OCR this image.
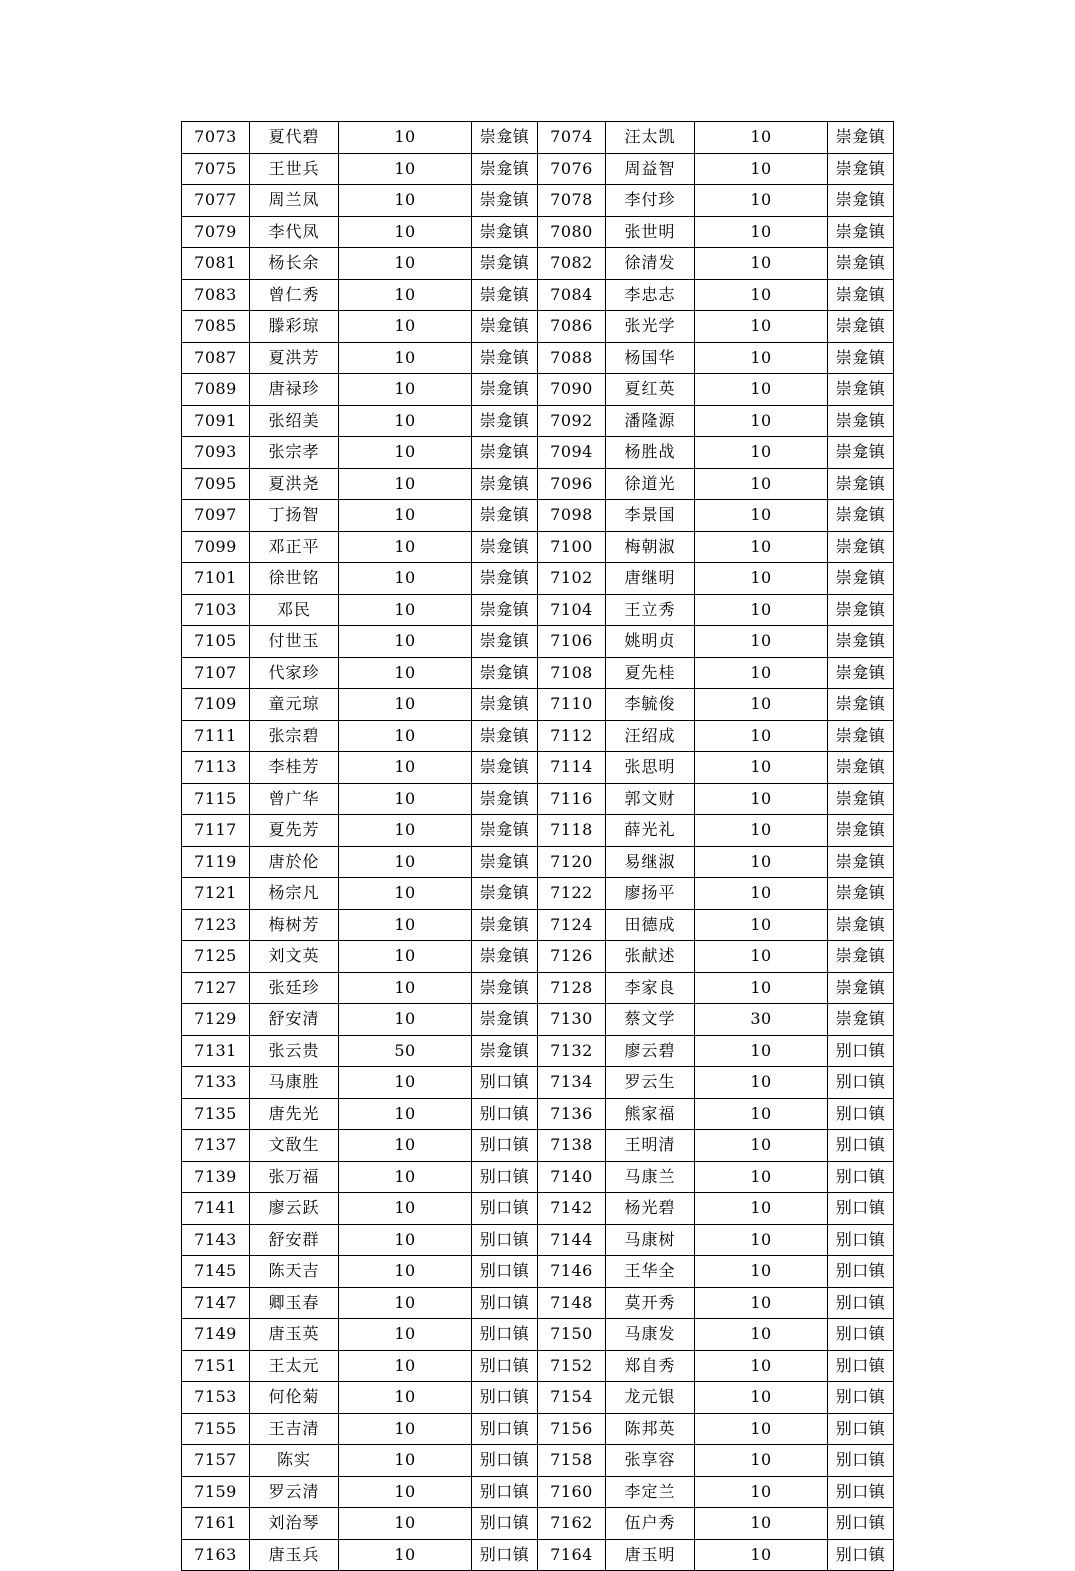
7073	夏代碧	10	崇龛镇	7074	汪太凯	10	崇龛镇
7075	王世兵	10	崇龛镇	7076	周益智	10	崇龛镇
7077	周兰凤	10	崇龛镇	7078	李付珍	10	崇龛镇
7079	李代凤	10	崇龛镇	7080	张世明	10	崇龛镇
7081	杨长余	10	崇龛镇	7082	徐清发	10	崇龛镇
7083	曾仁秀	10	崇龛镇	7084	李忠志	10	崇龛镇
7085	滕彩琼	10	崇龛镇	7086	张光学	10	崇龛镇
7087	夏洪芳	10	崇龛镇	7088	杨国华	10	崇龛镇
7089	唐禄珍	10	崇龛镇	7090	夏红英	10	崇龛镇
7091	张绍美	10	崇龛镇	7092	潘隆源	10	崇龛镇
7093	张宗孝	10	崇龛镇	7094	杨胜战	10	崇龛镇
7095	夏洪尧	10	崇龛镇	7096	徐道光	10	崇龛镇
7097	丁扬智	10	崇龛镇	7098	李景国	10	崇龛镇
7099	邓正平	10	崇龛镇	7100	梅朝淑	10	崇龛镇
7101	徐世铭	10	崇龛镇	7102	唐继明	10	崇龛镇
7103	邓民	10	崇龛镇	7104	王立秀	10	崇龛镇
7105	付世玉	10	崇龛镇	7106	姚明贞	10	崇龛镇
7107	代家珍	10	崇龛镇	7108	夏先桂	10	崇龛镇
7109	童元琼	10	崇龛镇	7110	李毓俊	10	崇龛镇
7111	张宗碧	10	崇龛镇	7112	汪绍成	10	崇龛镇
7113	李桂芳	10	崇龛镇	7114	张思明	10	崇龛镇
7115	曾广华	10	崇龛镇	7116	郭文财	10	崇龛镇
7117	夏先芳	10	崇龛镇	7118	薛光礼	10	崇龛镇
7119	唐於伦	10	崇龛镇	7120	易继淑	10	崇龛镇
7121	杨宗凡	10	崇龛镇	7122	廖扬平	10	崇龛镇
7123	梅树芳	10	崇龛镇	7124	田德成	10	崇龛镇
7125	刘文英	10	崇龛镇	7126	张献述	10	崇龛镇
7127	张廷珍	10	崇龛镇	7128	李家良	10	崇龛镇
7129	舒安清	10	崇龛镇	7130	蔡文学	30	崇龛镇
7131	张云贵	50	崇龛镇	7132	廖云碧	10	别口镇
7133	马康胜	10	别口镇	7134	罗云生	10	别口镇
7135	唐先光	10	别口镇	7136	熊家福	10	别口镇
7137	文敔生	10	别口镇	7138	王明清	10	别口镇
7139	张万福	10	别口镇	7140	马康兰	10	别口镇
7141	廖云跃	10	别口镇	7142	杨光碧	10	别口镇
7143	舒安群	10	别口镇	7144	马康树	10	别口镇
7145	陈天吉	10	别口镇	7146	王华全	10	别口镇
7147	卿玉春	10	别口镇	7148	莫开秀	10	别口镇
7149	唐玉英	10	别口镇	7150	马康发	10	别口镇
7151	王太元	10	别口镇	7152	郑自秀	10	别口镇
7153	何伦菊	10	别口镇	7154	龙元银	10	别口镇
7155	王吉清	10	别口镇	7156	陈邦英	10	别口镇
7157	陈实	10	别口镇	7158	张享容	10	别口镇
7159	罗云清	10	别口镇	7160	李定兰	10	别口镇
7161	刘治琴	10	别口镇	7162	伍户秀	10	别口镇
7163	唐玉兵	10	别口镇	7164	唐玉明	10	别口镇
